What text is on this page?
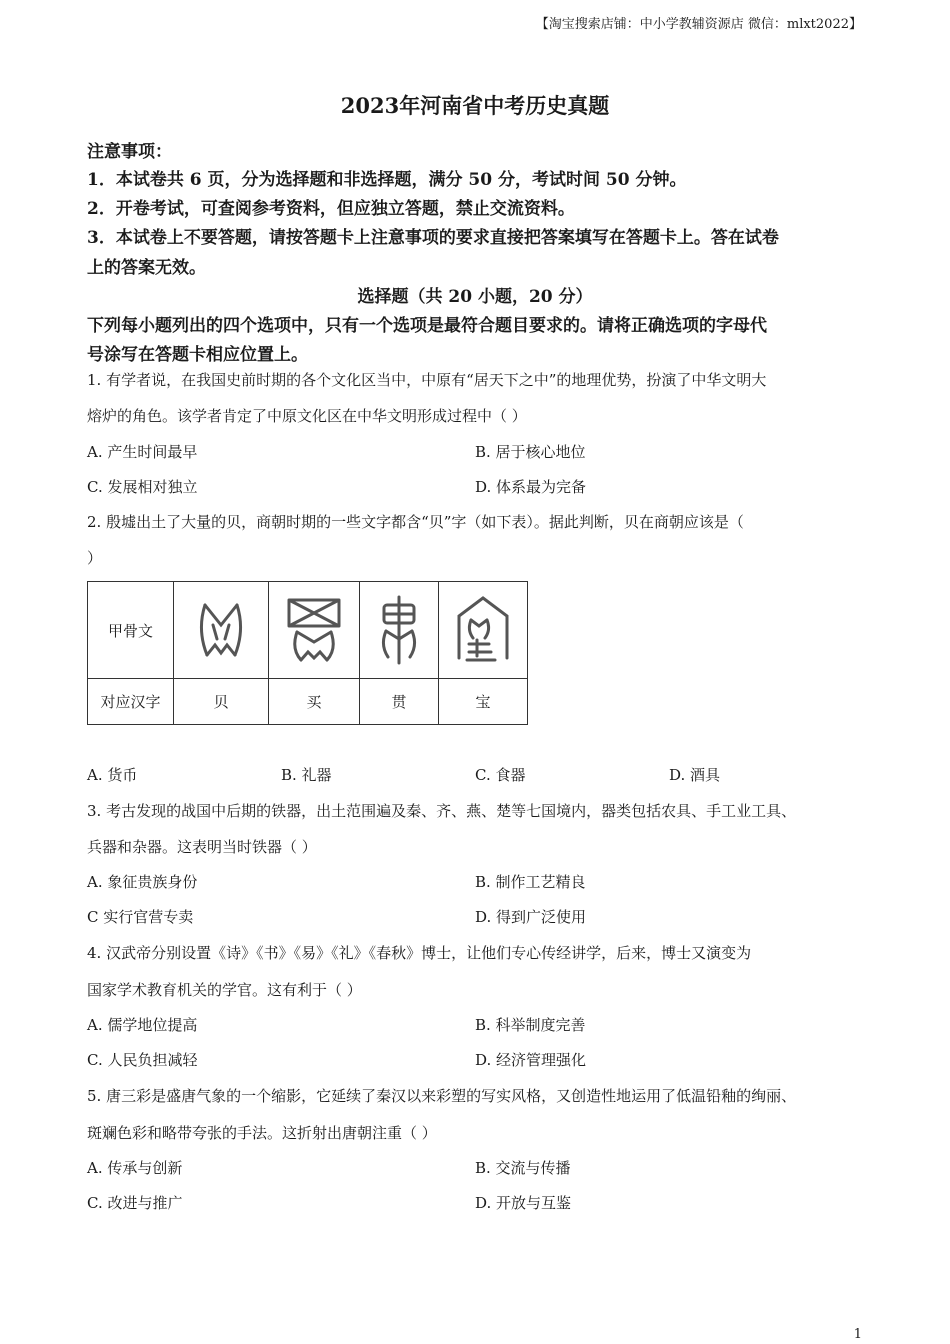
【淘宝搜索店铺：中小学教辅资源店 微信：mlxt2022】
2023年河南省中考历史真题
注意事项：
1．本试卷共 6 页，分为选择题和非选择题，满分 50 分，考试时间 50 分钟。
2．开卷考试，可查阅参考资料，但应独立答题，禁止交流资料。
3．本试卷上不要答题，请按答题卡上注意事项的要求直接把答案填写在答题卡上。答在试卷
上的答案无效。
选择题（共 20 小题，20 分）
下列每小题列出的四个选项中，只有一个选项是最符合题目要求的。请将正确选项的字母代
号涂写在答题卡相应位置上。
1. 有学者说，在我国史前时期的各个文化区当中，中原有“居天下之中”的地理优势，扮演了中华文明大
熔炉的角色。该学者肯定了中原文化区在中华文明形成过程中（ ）
A. 产生时间最早	B. 居于核心地位
C. 发展相对独立	D. 体系最为完备
2. 殷墟出土了大量的贝，商朝时期的一些文字都含“贝”字（如下表）。据此判断，贝在商朝应该是（
）
甲骨文	

对应汉字	贝	买	贯	宝
A. 货币	B. 礼器	C. 食器	D. 酒具
3. 考古发现的战国中后期的铁器，出土范围遍及秦、齐、燕、楚等七国境内，器类包括农具、手工业工具、
兵器和杂器。这表明当时铁器（ ）
A. 象征贵族身份	B. 制作工艺精良
C 实行官营专卖	D. 得到广泛使用
4. 汉武帝分别设置《诗》《书》《易》《礼》《春秋》博士，让他们专心传经讲学，后来，博士又演变为
国家学术教育机关的学官。这有利于（ ）
A. 儒学地位提高	B. 科举制度完善
C. 人民负担减轻	D. 经济管理强化
5. 唐三彩是盛唐气象的一个缩影，它延续了秦汉以来彩塑的写实风格，又创造性地运用了低温铅釉的绚丽、
斑斓色彩和略带夸张的手法。这折射出唐朝注重（ ）
A. 传承与创新	B. 交流与传播
C. 改进与推广	D. 开放与互鉴
1
